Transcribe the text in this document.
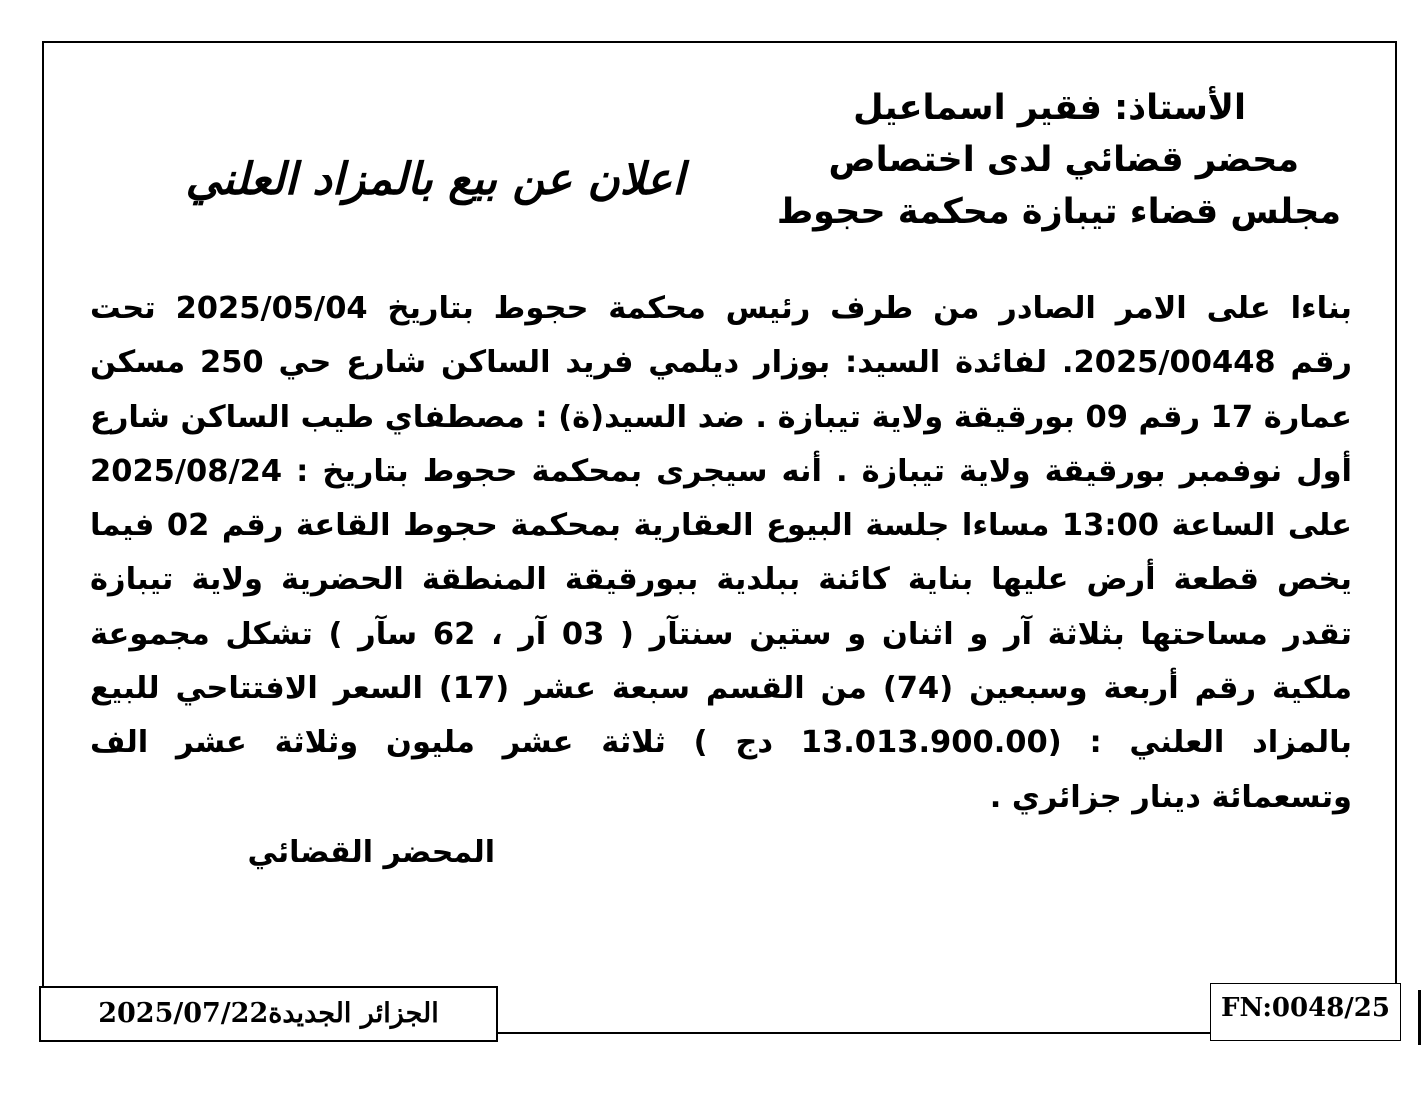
الأستاذ: فقير اسماعيل
محضر قضائي لدى اختصاص
مجلس قضاء تيبازة محكمة حجوط
اعلان عن بيع بالمزاد العلني
بناءا على الامر الصادر من طرف رئيس محكمة حجوط بتاريخ 2025/05/04 تحت
رقم 2025/00448. لفائدة السيد: بوزار ديلمي فريد الساكن شارع حي 250 مسكن
عمارة 17 رقم 09 بورقيقة ولاية تيبازة . ضد السيد(ة) : مصطفاي طيب الساكن شارع
أول نوفمبر بورقيقة ولاية تيبازة . أنه سيجرى بمحكمة حجوط بتاريخ : 2025/08/24
على الساعة 13:00 مساءا جلسة البيوع العقارية بمحكمة حجوط القاعة رقم 02 فيما
يخص قطعة أرض عليها بناية كائنة ببلدية ببورقيقة المنطقة الحضرية ولاية تيبازة
تقدر مساحتها بثلاثة آر و اثنان و ستين سنتآر ( 03 آر ، 62 سآر ) تشكل مجموعة
ملكية رقم أربعة وسبعين (74) من القسم سبعة عشر (17) السعر الافتتاحي للبيع
بالمزاد العلني : (13.013.900.00 دج ) ثلاثة عشر مليون وثلاثة عشر الف
وتسعمائة دينار جزائري .
المحضر القضائي
الجزائر الجديدة2025/07/22	FN:0048/25
